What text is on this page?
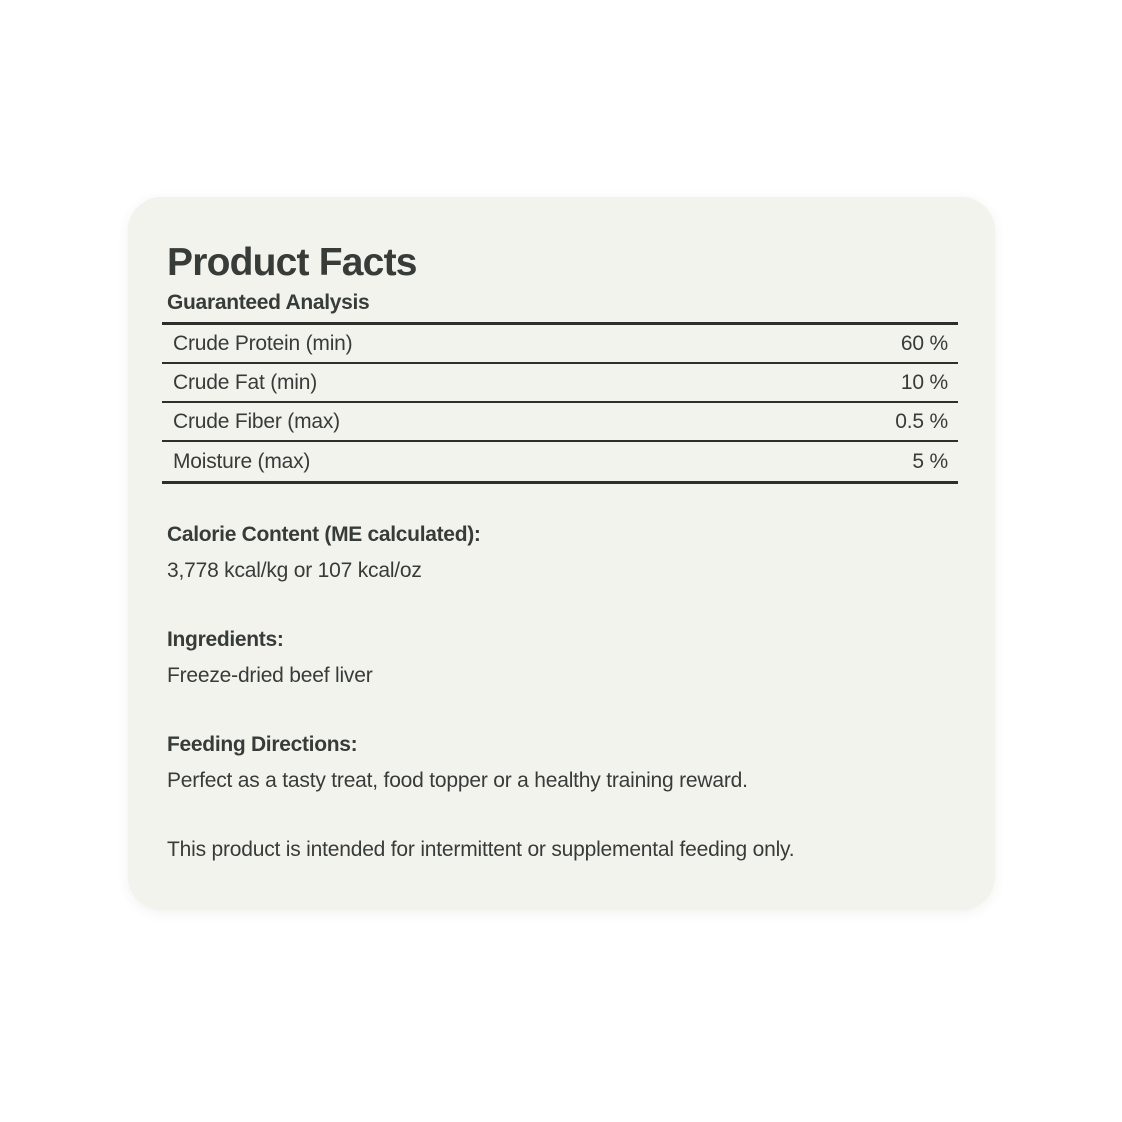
Product Facts
Guaranteed Analysis
Crude Protein (min)	60 %
Crude Fat (min)	10 %
Crude Fiber (max)	0.5 %
Moisture (max)	5 %
Calorie Content (ME calculated):

3,778 kcal/kg or 107 kcal/oz

Ingredients:

Freeze-dried beef liver

Feeding Directions:

Perfect as a tasty treat, food topper or a healthy training reward.

This product is intended for intermittent or supplemental feeding only.
